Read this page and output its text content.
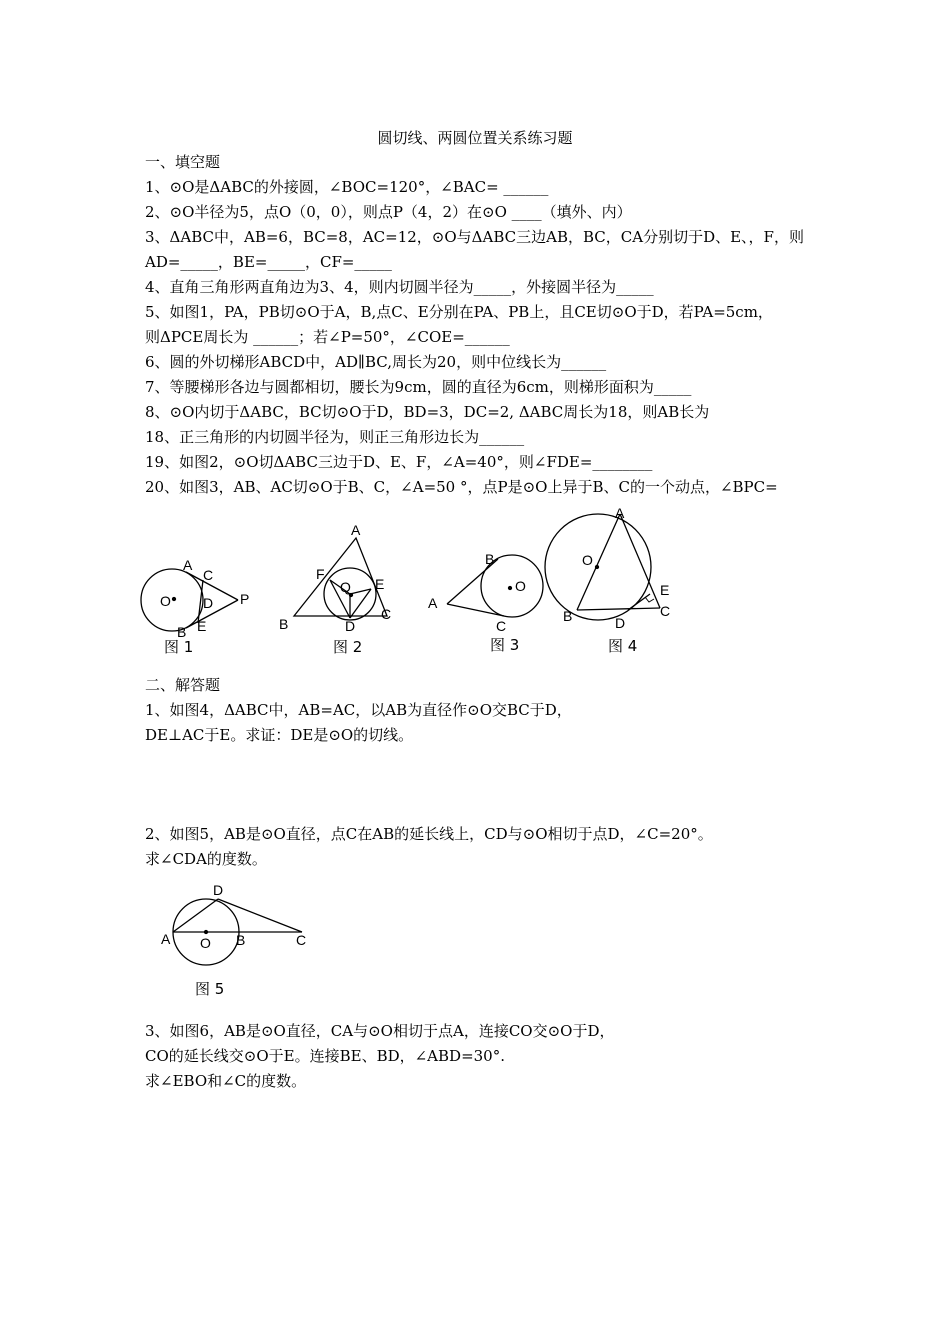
圆切线、两圆位置关系练习题
一、填空题
1、⊙O是ΔABC的外接圆，∠BOC=120°，∠BAC= ______
2、⊙O半径为5，点O（0，0），则点P（4，2）在⊙O ____（填外、内）
3、ΔABC中，AB=6，BC=8，AC=12，⊙O与ΔABC三边AB，BC，CA分别切于D、E、，F，则
AD=_____，BE=_____，CF=_____
4、直角三角形两直角边为3、4，则内切圆半径为_____，外接圆半径为_____
5、如图1，PA，PB切⊙O于A，B,点C、E分别在PA、PB上，且CE切⊙O于D，若PA=5cm，
则ΔPCE周长为 ______；若∠P=50°，∠COE=______
6、圆的外切梯形ABCD中，AD∥BC,周长为20，则中位线长为______
7、等腰梯形各边与圆都相切，腰长为9cm，圆的直径为6cm，则梯形面积为_____
8、⊙O内切于ΔABC，BC切⊙O于D，BD=3，DC=2, ΔABC周长为18，则AB长为
18、正三角形的内切圆半径为，则正三角形边长为______
19、如图2，⊙O切ΔABC三边于D、E、F，∠A=40°，则∠FDE=________
20、如图3，AB、AC切⊙O于B、C，∠A=50 °，点P是⊙O上异于B、C的一个动点，∠BPC=
O
A
C
D P
B E
图 1
A
F
Q E
B	D
C
图 2
B
O
A
C
图 3
A
O
E
B	D
C
图 4
二、解答题
1、如图4，ΔABC中，AB=AC，以AB为直径作⊙O交BC于D，
DE⊥AC于E。求证：DE是⊙O的切线。
2、如图5，AB是⊙O直径，点C在AB的延长线上，CD与⊙O相切于点D，∠C=20°。
求∠CDA的度数。
D
A O B	C
图 5
3、如图6，AB是⊙O直径，CA与⊙O相切于点A，连接CO交⊙O于D，
CO的延长线交⊙O于E。连接BE、BD，∠ABD=30°.
求∠EBO和∠C的度数。
